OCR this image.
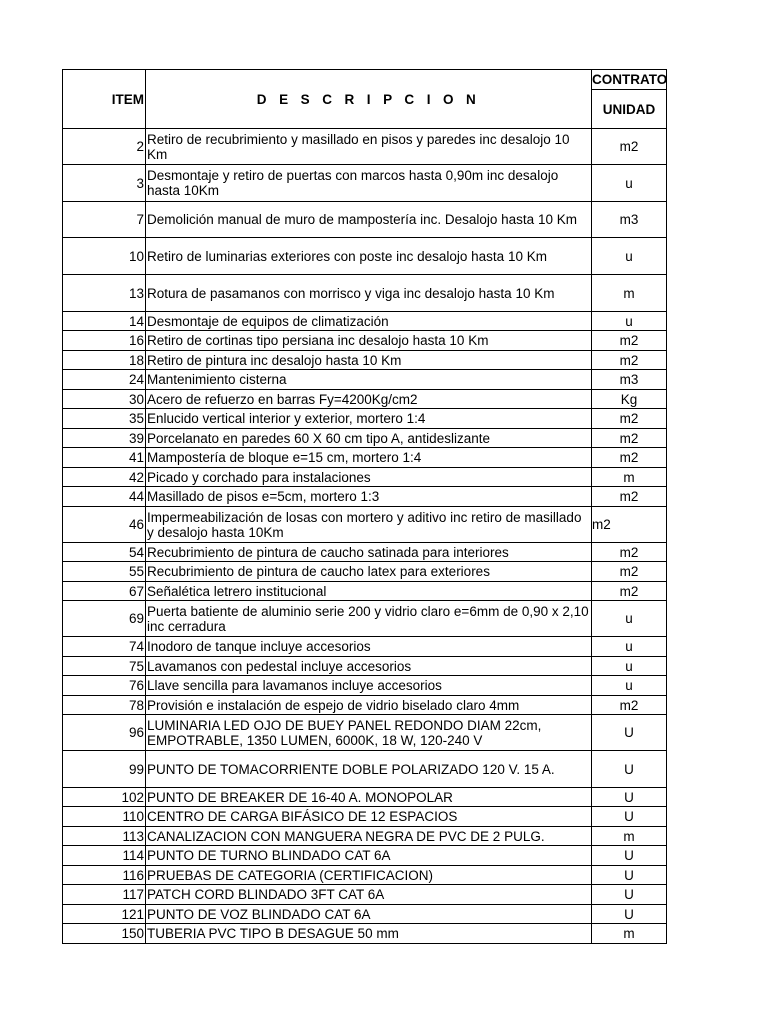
ITEM	D E S C R I P C I O N	CONTRATO
		UNIDAD
2	Retiro de recubrimiento y masillado en pisos y paredes inc desalojo 10 Km	m2
3	Desmontaje y retiro de puertas con marcos hasta 0,90m inc desalojo hasta 10Km	u
7	Demolición manual de muro de mampostería inc. Desalojo hasta 10 Km	m3
10	Retiro de luminarias exteriores con poste inc desalojo hasta 10 Km	u
13	Rotura de pasamanos con morrisco y viga inc desalojo hasta 10 Km	m
14	Desmontaje de equipos de climatización	u
16	Retiro de cortinas tipo persiana inc desalojo hasta 10 Km	m2
18	Retiro de pintura inc desalojo hasta 10 Km	m2
24	Mantenimiento cisterna	m3
30	Acero de refuerzo en barras Fy=4200Kg/cm2	Kg
35	Enlucido vertical interior y exterior, mortero 1:4	m2
39	Porcelanato en paredes 60 X 60 cm tipo A, antideslizante	m2
41	Mampostería de bloque e=15 cm, mortero 1:4	m2
42	Picado y corchado para instalaciones	m
44	Masillado de pisos e=5cm, mortero 1:3	m2
46	Impermeabilización de losas con mortero y aditivo inc retiro de masillado y desalojo hasta 10Km	m2
54	Recubrimiento de pintura de caucho satinada para interiores	m2
55	Recubrimiento de pintura de caucho latex para exteriores	m2
67	Señalética letrero institucional	m2
69	Puerta batiente de aluminio serie 200 y vidrio claro e=6mm de 0,90 x 2,10 inc cerradura	u
74	Inodoro de tanque incluye accesorios	u
75	Lavamanos con pedestal incluye accesorios	u
76	Llave sencilla para lavamanos incluye accesorios	u
78	Provisión e instalación de espejo de vidrio biselado claro 4mm	m2
96	LUMINARIA LED OJO DE BUEY PANEL REDONDO DIAM 22cm, EMPOTRABLE, 1350 LUMEN, 6000K, 18 W, 120-240 V	U
99	PUNTO DE TOMACORRIENTE DOBLE POLARIZADO 120 V. 15 A.	U
102	PUNTO DE BREAKER DE 16-40 A. MONOPOLAR	U
110	CENTRO DE CARGA BIFÁSICO DE 12 ESPACIOS	U
113	CANALIZACION CON MANGUERA NEGRA DE PVC DE 2 PULG.	m
114	PUNTO DE TURNO BLINDADO CAT 6A	U
116	PRUEBAS DE CATEGORIA (CERTIFICACION)	U
117	PATCH CORD BLINDADO 3FT CAT 6A	U
121	PUNTO DE VOZ BLINDADO CAT 6A	U
150	TUBERIA PVC TIPO B DESAGUE 50 mm	m
